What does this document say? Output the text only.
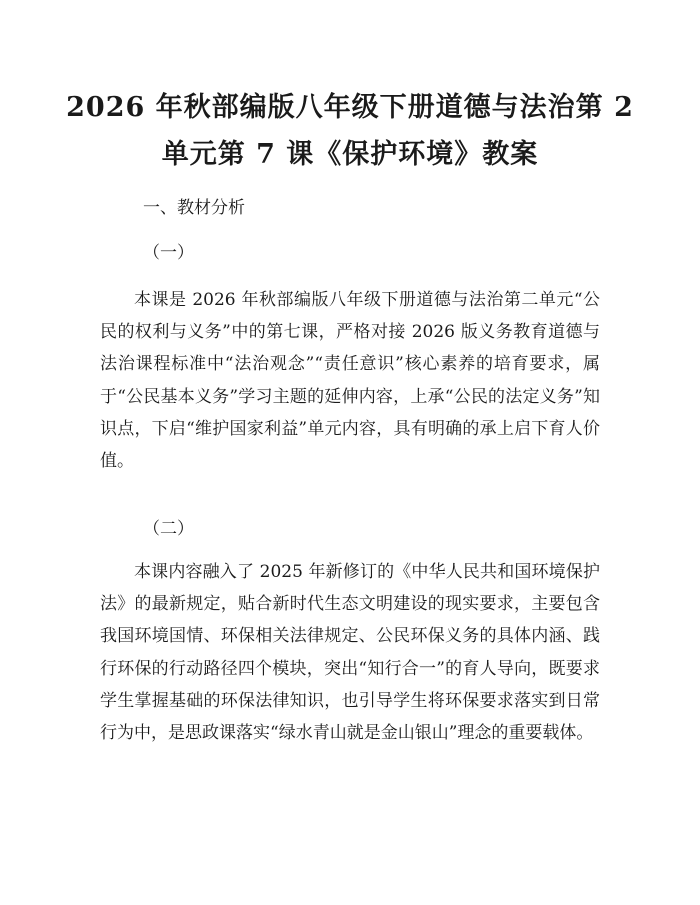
2026 年秋部编版八年级下册道德与法治第 2
单元第 7 课《保护环境》教案
一、教材分析
（一）

本课是 2026 年秋部编版八年级下册道德与法治第二单元“公民的权利与义务”中的第七课，严格对接 2026 版义务教育道德与法治课程标准中“法治观念”“责任意识”核心素养的培育要求，属于“公民基本义务”学习主题的延伸内容，上承“公民的法定义务”知识点，下启“维护国家利益”单元内容，具有明确的承上启下育人价值。

（二）

本课内容融入了 2025 年新修订的《中华人民共和国环境保护法》的最新规定，贴合新时代生态文明建设的现实要求，主要包含我国环境国情、环保相关法律规定、公民环保义务的具体内涵、践行环保的行动路径四个模块，突出“知行合一”的育人导向，既要求学生掌握基础的环保法律知识，也引导学生将环保要求落实到日常行为中，是思政课落实“绿水青山就是金山银山”理念的重要载体。
